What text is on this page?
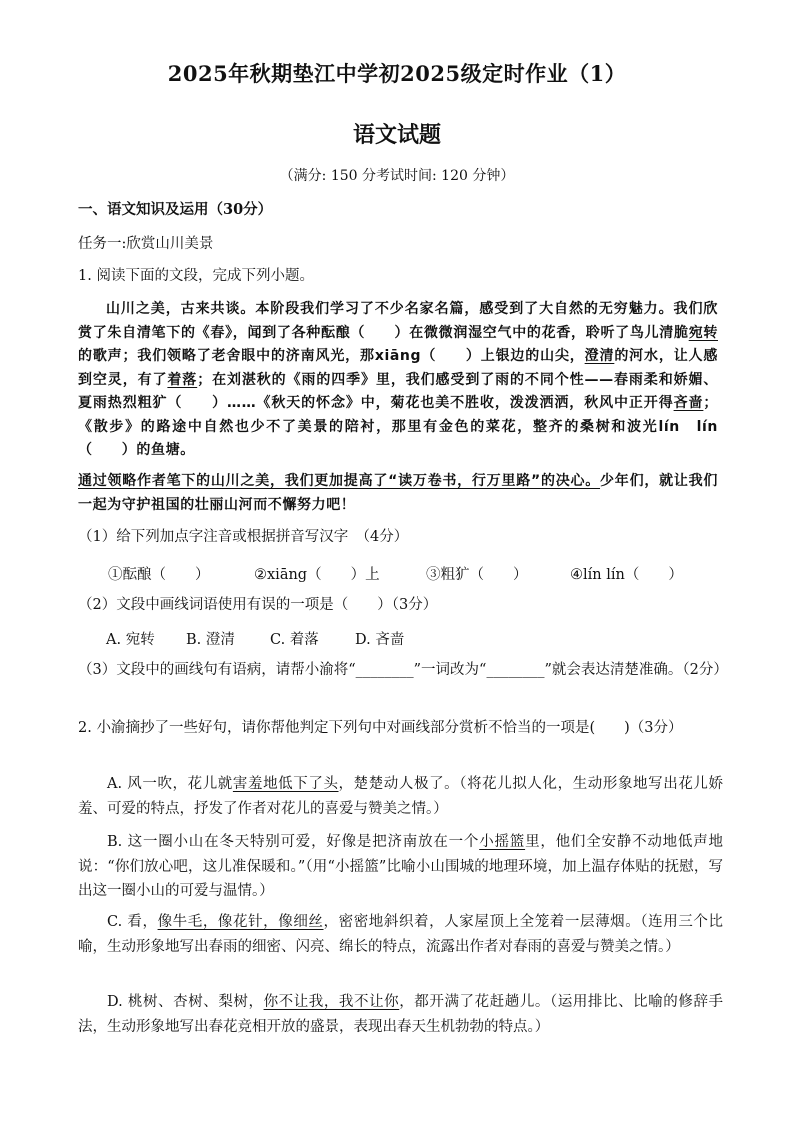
2025年秋期垫江中学初2025级定时作业（1）
语文试题
（满分: 150 分考试时间: 120 分钟）
一、语文知识及运用（30分）
任务一:欣赏山川美景
1. 阅读下面的文段，完成下列小题。

山川之美，古来共谈。本阶段我们学习了不少名家名篇，感受到了大自然的无穷魅力。我们欣赏了朱自清笔下的《春》，闻到了各种酝酿（　　）在微微润湿空气中的花香，聆听了鸟儿清脆宛转的歌声；我们领略了老舍眼中的济南风光，那xiāng（　　）上银边的山尖，澄清的河水，让人感到空灵，有了着落；在刘湛秋的《雨的四季》里，我们感受到了雨的不同个性——春雨柔和娇媚、夏雨热烈粗犷（　　）……《秋天的怀念》中，菊花也美不胜收，泼泼洒洒，秋风中正开得吝啬；《散步》的路途中自然也少不了美景的陪衬，那里有金色的菜花，整齐的桑树和波光lín　lín（　　）的鱼塘。

通过领略作者笔下的山川之美，我们更加提高了“读万卷书，行万里路”的决心。少年们，就让我们一起为守护祖国的壮丽山河而不懈努力吧！

（1）给下列加点字注音或根据拼音写汉字　（4分）
①酝酿（　　）	②xiāng（　　）上	③粗犷（　　）	④lín lín（　　）
（2）文段中画线词语使用有误的一项是（　　）（3分）
A. 宛转	B. 澄清	C. 着落	D. 吝啬
（3）文段中的画线句有语病，请帮小渝将“________”一词改为“________”就会表达清楚准确。（2分）
2. 小渝摘抄了一些好句，请你帮他判定下列句中对画线部分赏析不恰当的一项是(　　)（3分）
A. 风一吹，花儿就害羞地低下了头，楚楚动人极了。（将花儿拟人化，生动形象地写出花儿娇羞、可爱的特点，抒发了作者对花儿的喜爱与赞美之情。）
B. 这一圈小山在冬天特别可爱，好像是把济南放在一个小摇篮里，他们全安静不动地低声地说：“你们放心吧，这儿准保暖和。”（用“小摇篮”比喻小山围城的地理环境，加上温存体贴的抚慰，写出这一圈小山的可爱与温情。）
C. 看，像牛毛，像花针，像细丝，密密地斜织着，人家屋顶上全笼着一层薄烟。（连用三个比喻，生动形象地写出春雨的细密、闪亮、绵长的特点，流露出作者对春雨的喜爱与赞美之情。）
D. 桃树、杏树、梨树，你不让我，我不让你，都开满了花赶趟儿。（运用排比、比喻的修辞手法，生动形象地写出春花竞相开放的盛景，表现出春天生机勃勃的特点。）
